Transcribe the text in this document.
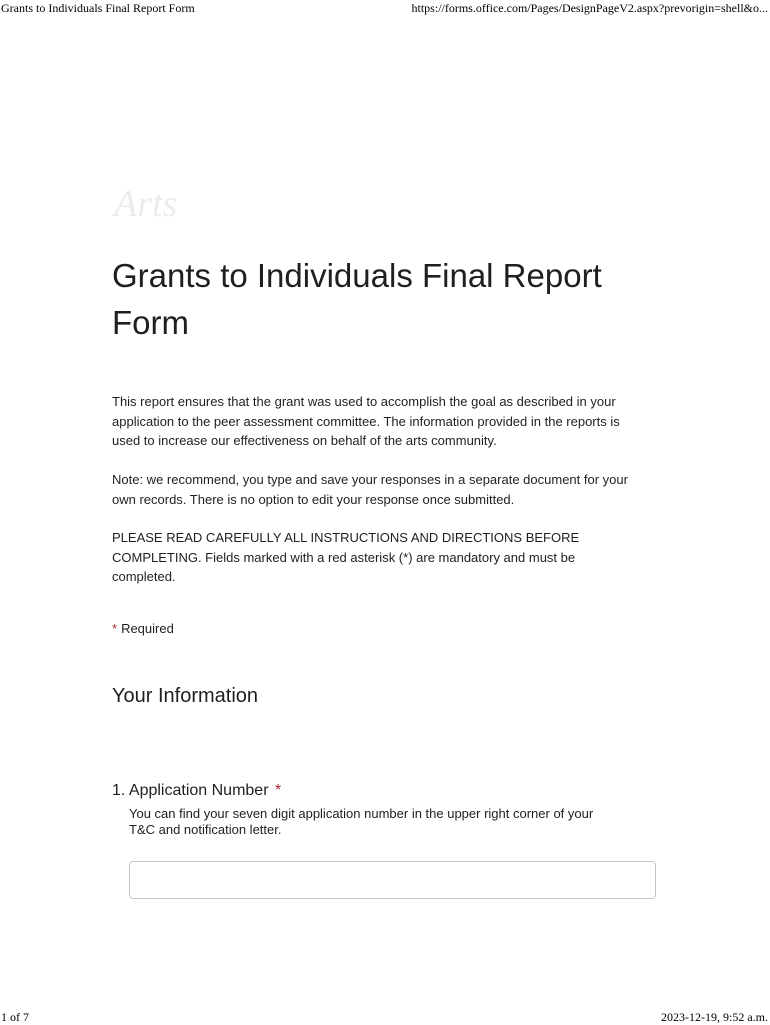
Grants to Individuals Final Report Form	https://forms.office.com/Pages/DesignPageV2.aspx?prevorigin=shell&o...
Arts
Grants to Individuals Final Report Form

This report ensures that the grant was used to accomplish the goal as described in your application to the peer assessment committee. The information provided in the reports is used to increase our effectiveness on behalf of the arts community.

Note: we recommend, you type and save your responses in a separate document for your own records. There is no option to edit your response once submitted.

PLEASE READ CAREFULLY ALL INSTRUCTIONS AND DIRECTIONS BEFORE COMPLETING. Fields marked with a red asterisk (*) are mandatory and must be completed.

* Required
Your Information
1. Application Number *
You can find your seven digit application number in the upper right corner of your T&C and notification letter.
1 of 7	2023-12-19, 9:52 a.m.
